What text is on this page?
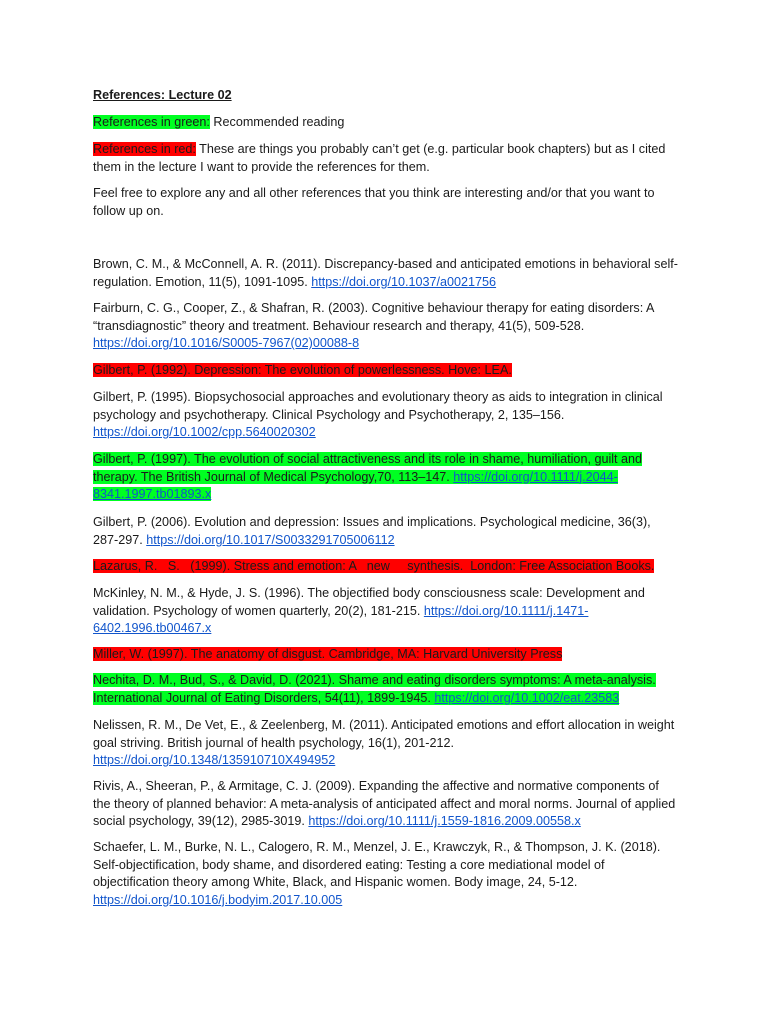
References: Lecture 02

References in green: Recommended reading

References in red: These are things you probably can’t get (e.g. particular book chapters) but as I cited them in the lecture I want to provide the references for them.

Feel free to explore any and all other references that you think are interesting and/or that you want to follow up on.

Brown, C. M., & McConnell, A. R. (2011). Discrepancy-based and anticipated emotions in behavioral self-regulation. Emotion, 11(5), 1091-1095. https://doi.org/10.1037/a0021756

Fairburn, C. G., Cooper, Z., & Shafran, R. (2003). Cognitive behaviour therapy for eating disorders: A “transdiagnostic” theory and treatment. Behaviour research and therapy, 41(5), 509-528. https://doi.org/10.1016/S0005-7967(02)00088-8

Gilbert, P. (1992). Depression: The evolution of powerlessness. Hove: LEA.

Gilbert, P. (1995). Biopsychosocial approaches and evolutionary theory as aids to integration in clinical psychology and psychotherapy. Clinical Psychology and Psychotherapy, 2, 135–156. https://doi.org/10.1002/cpp.5640020302

Gilbert, P. (1997). The evolution of social attractiveness and its role in shame, humiliation, guilt and therapy. The British Journal of Medical Psychology,70, 113–147. https://doi.org/10.1111/j.2044-8341.1997.tb01893.x

Gilbert, P. (2006). Evolution and depression: Issues and implications. Psychological medicine, 36(3), 287-297. https://doi.org/10.1017/S0033291705006112

Lazarus, R.   S.   (1999). Stress and emotion: A   new     synthesis.  London: Free Association Books.

McKinley, N. M., & Hyde, J. S. (1996). The objectified body consciousness scale: Development and validation. Psychology of women quarterly, 20(2), 181-215. https://doi.org/10.1111/j.1471-6402.1996.tb00467.x

Miller, W. (1997). The anatomy of disgust. Cambridge, MA: Harvard University Press

Nechita, D. M., Bud, S., & David, D. (2021). Shame and eating disorders symptoms: A meta-analysis. International Journal of Eating Disorders, 54(11), 1899-1945. https://doi.org/10.1002/eat.23583

Nelissen, R. M., De Vet, E., & Zeelenberg, M. (2011). Anticipated emotions and effort allocation in weight goal striving. British journal of health psychology, 16(1), 201-212. https://doi.org/10.1348/135910710X494952

Rivis, A., Sheeran, P., & Armitage, C. J. (2009). Expanding the affective and normative components of the theory of planned behavior: A meta-analysis of anticipated affect and moral norms. Journal of applied social psychology, 39(12), 2985-3019. https://doi.org/10.1111/j.1559-1816.2009.00558.x

Schaefer, L. M., Burke, N. L., Calogero, R. M., Menzel, J. E., Krawczyk, R., & Thompson, J. K. (2018). Self-objectification, body shame, and disordered eating: Testing a core mediational model of objectification theory among White, Black, and Hispanic women. Body image, 24, 5-12. https://doi.org/10.1016/j.bodyim.2017.10.005
